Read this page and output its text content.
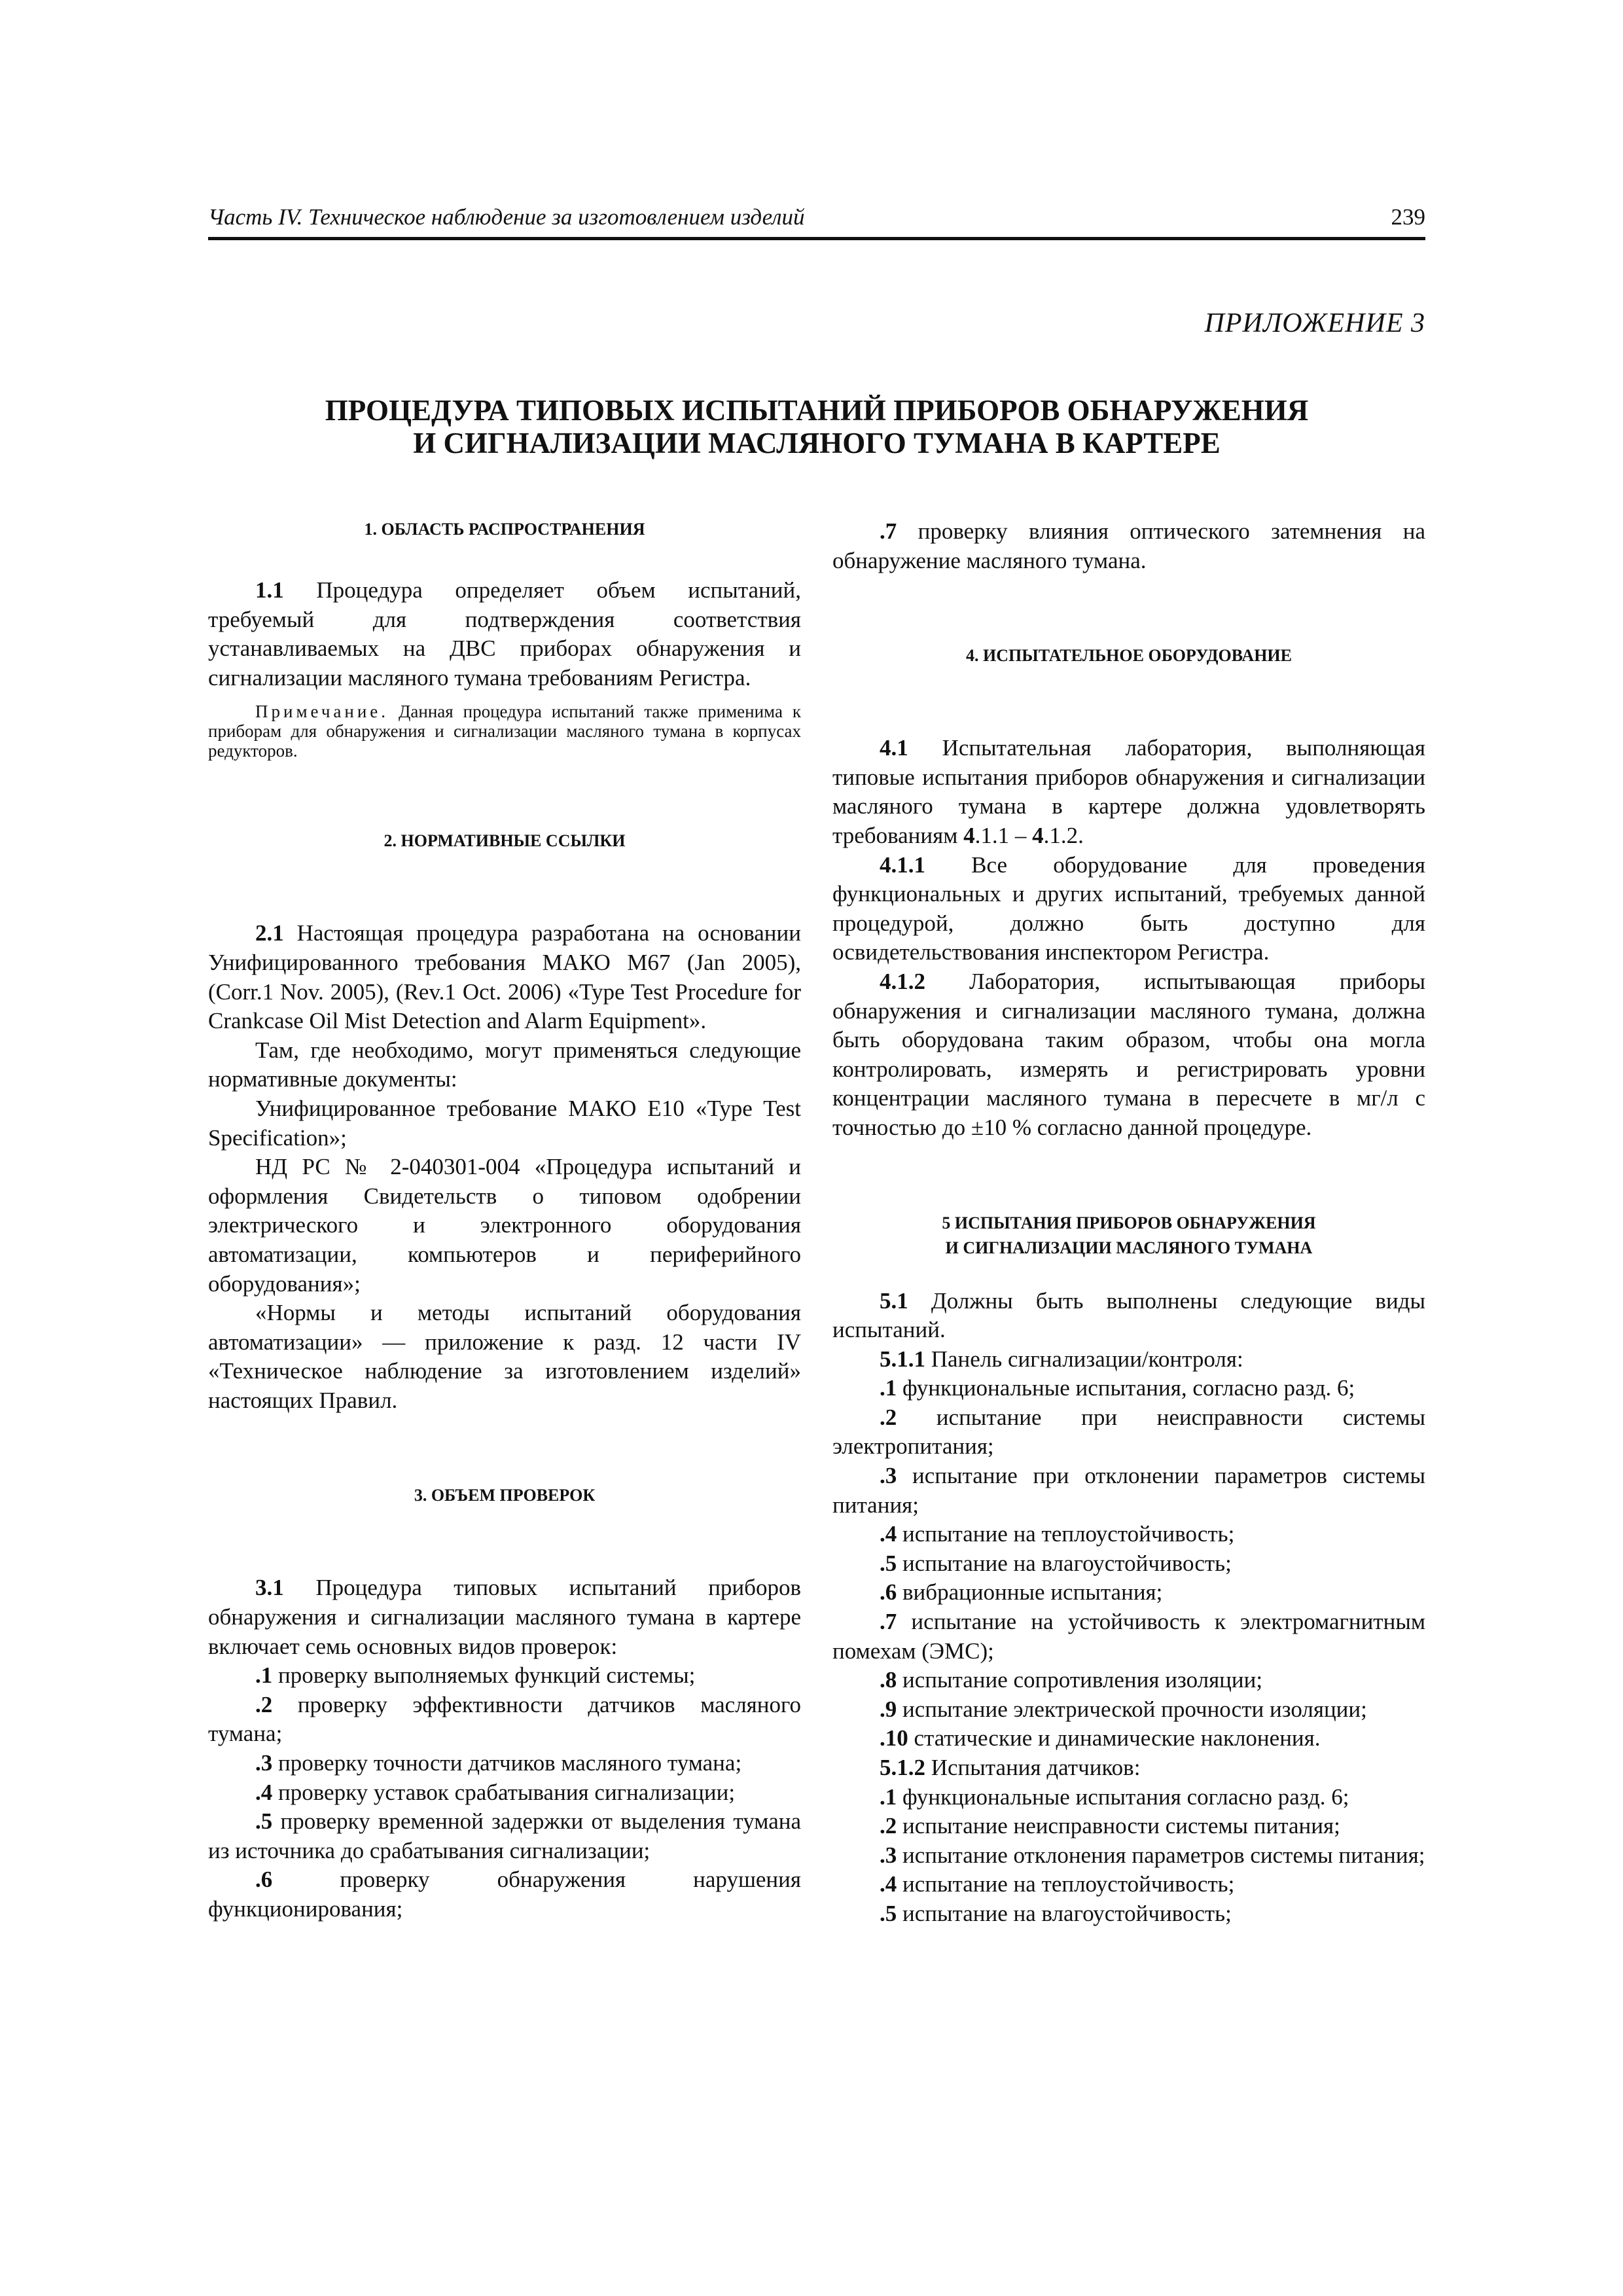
Часть IV. Техническое наблюдение за изготовлением изделий	239
ПРИЛОЖЕНИЕ 3
ПРОЦЕДУРА ТИПОВЫХ ИСПЫТАНИЙ ПРИБОРОВ ОБНАРУЖЕНИЯ
И СИГНАЛИЗАЦИИ МАСЛЯНОГО ТУМАНА В КАРТЕРЕ
1. ОБЛАСТЬ РАСПРОСТРАНЕНИЯ

1.1 Процедура определяет объем испытаний, требуемый для подтверждения соответствия устанавливаемых на ДВС приборах обнаружения и сигнализации масляного тумана требованиям Регистра.

Примечание. Данная процедура испытаний также применима к приборам для обнаружения и сигнализации масляного тумана в корпусах редукторов.

2. НОРМАТИВНЫЕ ССЫЛКИ

2.1 Настоящая процедура разработана на основании Унифицированного требования МАКО М67 (Jan 2005), (Corr.1 Nov. 2005), (Rev.1 Oct. 2006) «Type Test Procedure for Crankcase Oil Mist Detection and Alarm Equipment».

Там, где необходимо, могут применяться следующие нормативные документы:

Унифицированное требование МАКО Е10 «Type Test Specification»;

НД РС № 2-040301-004 «Процедура испытаний и оформления Свидетельств о типовом одобрении электрического и электронного оборудования автоматизации, компьютеров и периферийного оборудования»;

«Нормы и методы испытаний оборудования автоматизации» — приложение к разд. 12 части IV «Техническое наблюдение за изготовлением изделий» настоящих Правил.

3. ОБЪЕМ ПРОВЕРОК

3.1 Процедура типовых испытаний приборов обнаружения и сигнализации масляного тумана в картере включает семь основных видов проверок:

.1 проверку выполняемых функций системы;

.2 проверку эффективности датчиков масляного тумана;

.3 проверку точности датчиков масляного тумана;

.4 проверку уставок срабатывания сигнализации;

.5 проверку временной задержки от выделения тумана из источника до срабатывания сигнализации;

.6 проверку обнаружения нарушения функционирования;

.7 проверку влияния оптического затемнения на обнаружение масляного тумана.

4. ИСПЫТАТЕЛЬНОЕ ОБОРУДОВАНИЕ

4.1 Испытательная лаборатория, выполняющая типовые испытания приборов обнаружения и сигнализации масляного тумана в картере должна удовлетворять требованиям 4.1.1 – 4.1.2.

4.1.1 Все оборудование для проведения функциональных и других испытаний, требуемых данной процедурой, должно быть доступно для освидетельствования инспектором Регистра.

4.1.2 Лаборатория, испытывающая приборы обнаружения и сигнализации масляного тумана, должна быть оборудована таким образом, чтобы она могла контролировать, измерять и регистрировать уровни концентрации масляного тумана в пересчете в мг/л с точностью до ±10 % согласно данной процедуре.

5 ИСПЫТАНИЯ ПРИБОРОВ ОБНАРУЖЕНИЯ
И СИГНАЛИЗАЦИИ МАСЛЯНОГО ТУМАНА

5.1 Должны быть выполнены следующие виды испытаний.

5.1.1 Панель сигнализации/контроля:

.1 функциональные испытания, согласно разд. 6;

.2 испытание при неисправности системы электропитания;

.3 испытание при отклонении параметров системы питания;

.4 испытание на теплоустойчивость;

.5 испытание на влагоустойчивость;

.6 вибрационные испытания;

.7 испытание на устойчивость к электромагнитным помехам (ЭМС);

.8 испытание сопротивления изоляции;

.9 испытание электрической прочности изоляции;

.10 статические и динамические наклонения.

5.1.2 Испытания датчиков:

.1 функциональные испытания согласно разд. 6;

.2 испытание неисправности системы питания;

.3 испытание отклонения параметров системы питания;

.4 испытание на теплоустойчивость;

.5 испытание на влагоустойчивость;
